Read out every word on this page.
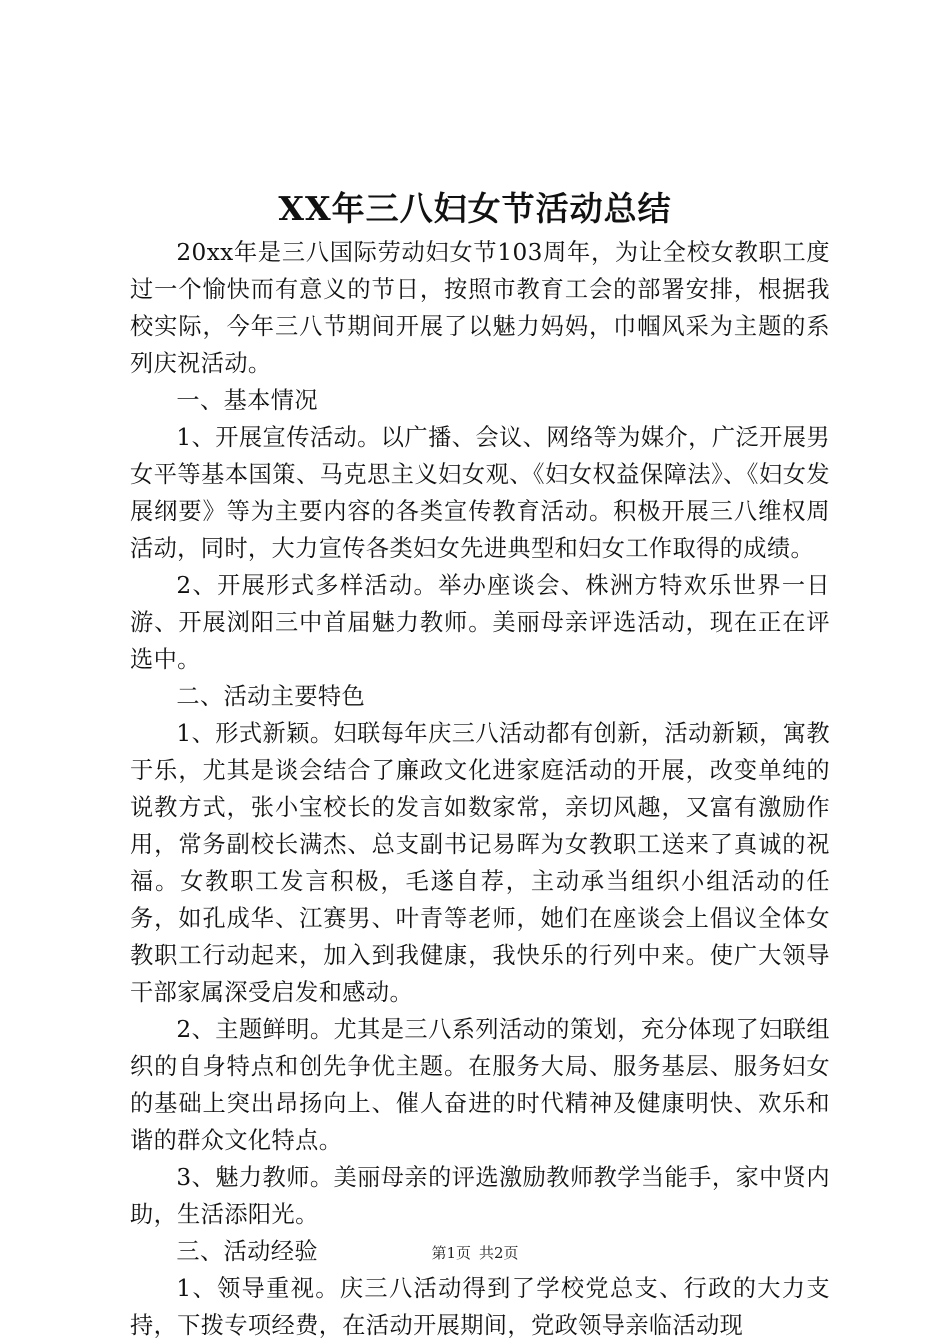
XX年三八妇女节活动总结

20xx年是三八国际劳动妇女节103周年，为让全校女教职工度过一个愉快而有意义的节日，按照市教育工会的部署安排，根据我校实际，今年三八节期间开展了以魅力妈妈，巾帼风采为主题的系列庆祝活动。

一、基本情况

1、开展宣传活动。以广播、会议、网络等为媒介，广泛开展男女平等基本国策、马克思主义妇女观、《妇女权益保障法》、《妇女发展纲要》等为主要内容的各类宣传教育活动。积极开展三八维权周活动，同时，大力宣传各类妇女先进典型和妇女工作取得的成绩。

2、开展形式多样活动。举办座谈会、株洲方特欢乐世界一日游、开展浏阳三中首届魅力教师。美丽母亲评选活动，现在正在评选中。

二、活动主要特色

1、形式新颖。妇联每年庆三八活动都有创新，活动新颖，寓教于乐，尤其是谈会结合了廉政文化进家庭活动的开展，改变单纯的说教方式，张小宝校长的发言如数家常，亲切风趣，又富有激励作用，常务副校长满杰、总支副书记易晖为女教职工送来了真诚的祝福。女教职工发言积极，毛遂自荐，主动承当组织小组活动的任务，如孔成华、江赛男、叶青等老师，她们在座谈会上倡议全体女教职工行动起来，加入到我健康，我快乐的行列中来。使广大领导干部家属深受启发和感动。

2、主题鲜明。尤其是三八系列活动的策划，充分体现了妇联组织的自身特点和创先争优主题。在服务大局、服务基层、服务妇女的基础上突出昂扬向上、催人奋进的时代精神及健康明快、欢乐和谐的群众文化特点。

3、魅力教师。美丽母亲的评选激励教师教学当能手，家中贤内助，生活添阳光。

三、活动经验

1、领导重视。庆三八活动得到了学校党总支、行政的大力支持，下拨专项经费，在活动开展期间，党政领导亲临活动现

第1页 共2页
